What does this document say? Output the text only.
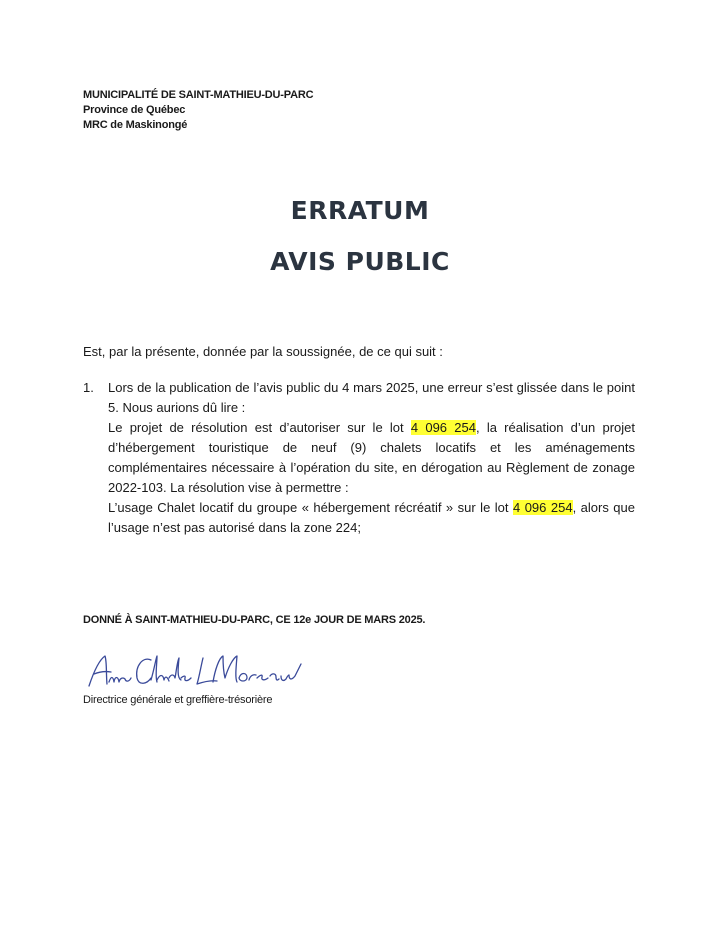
MUNICIPALITÉ DE SAINT-MATHIEU-DU-PARC
Province de Québec
MRC de Maskinongé
ERRATUM
AVIS PUBLIC
Est, par la présente, donnée par la soussignée, de ce qui suit :
1. Lors de la publication de l’avis public du 4 mars 2025, une erreur s’est glissée dans le point 5. Nous aurions dû lire :

Le projet de résolution est d’autoriser sur le lot 4 096 254, la réalisation d’un projet d’hébergement touristique de neuf (9) chalets locatifs et les aménagements complémentaires nécessaire à l’opération du site, en dérogation au Règlement de zonage 2022-103. La résolution vise à permettre :

L’usage Chalet locatif du groupe « hébergement récréatif » sur le lot 4 096 254, alors que l’usage n’est pas autorisé dans la zone 224;

DONNÉ À SAINT-MATHIEU-DU-PARC, CE 12e JOUR DE MARS 2025.
Directrice générale et greffière-trésorière
